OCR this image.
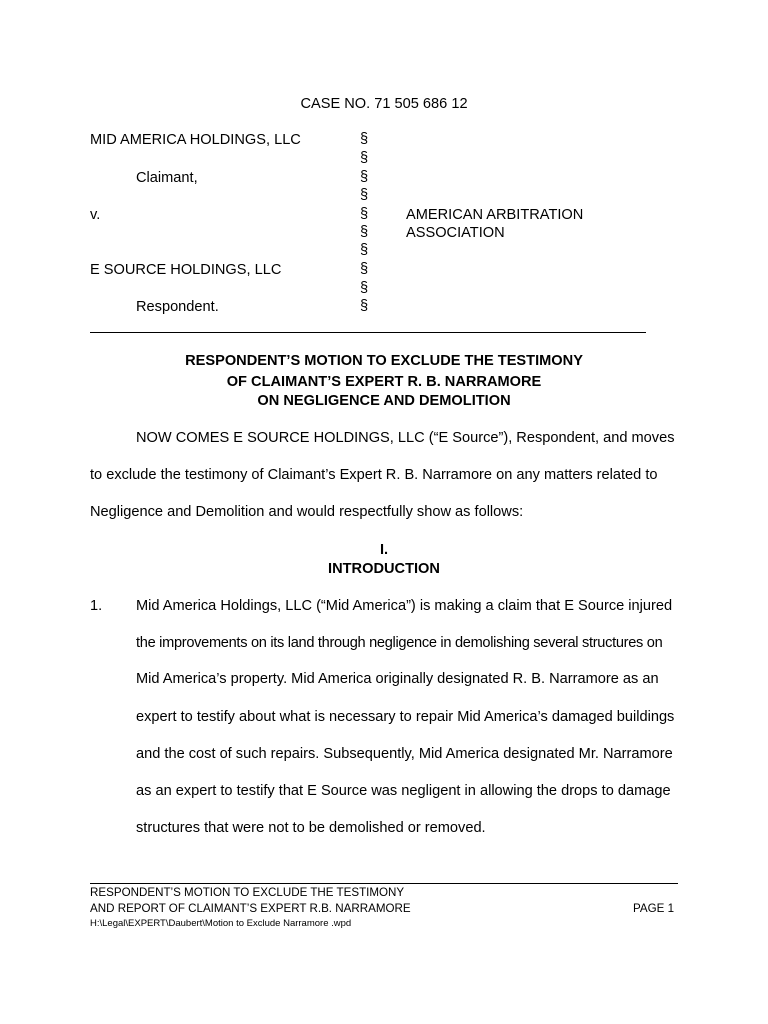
CASE NO. 71 505 686 12
MID AMERICA HOLDINGS, LLC
Claimant,
v.
E SOURCE HOLDINGS, LLC
Respondent.
AMERICAN ARBITRATION
ASSOCIATION
§
§
§
§
§
§
§
§
§
§
RESPONDENT’S MOTION TO EXCLUDE THE TESTIMONY
OF CLAIMANT’S EXPERT R. B. NARRAMORE
ON NEGLIGENCE AND DEMOLITION
NOW COMES E SOURCE HOLDINGS, LLC (“E Source”), Respondent, and moves
to exclude the testimony of Claimant’s Expert R. B. Narramore on any matters related to
Negligence and Demolition and would respectfully show as follows:
I.
INTRODUCTION
1. Mid America Holdings, LLC (“Mid America”) is making a claim that E Source injured
the improvements on its land through negligence in demolishing several structures on
Mid America’s property. Mid America originally designated R. B. Narramore as an
expert to testify about what is necessary to repair Mid America’s damaged buildings
and the cost of such repairs. Subsequently, Mid America designated Mr. Narramore
as an expert to testify that E Source was negligent in allowing the drops to damage
structures that were not to be demolished or removed.
RESPONDENT’S MOTION TO EXCLUDE THE TESTIMONY
AND REPORT OF CLAIMANT’S EXPERT R.B. NARRAMORE	PAGE 1
H:\Legal\EXPERT\Daubert\Motion to Exclude Narramore .wpd
